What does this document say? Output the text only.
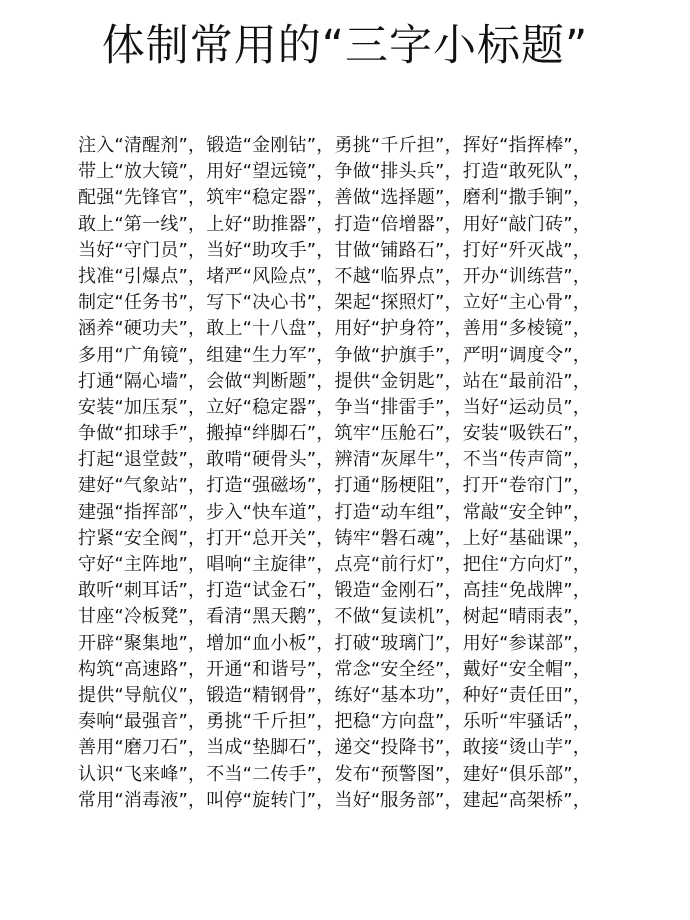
体制常用的“三字小标题”
注入“清醒剂”，锻造“金刚钻”，勇挑“千斤担”，挥好“指挥棒”，
带上“放大镜”，用好“望远镜”，争做“排头兵”，打造“敢死队”，
配强“先锋官”，筑牢“稳定器”，善做“选择题”，磨利“撒手锏”，
敢上“第一线”，上好“助推器”，打造“倍增器”，用好“敲门砖”，
当好“守门员”，当好“助攻手”，甘做“铺路石”，打好“歼灭战”，
找准“引爆点”，堵严“风险点”，不越“临界点”，开办“训练营”，
制定“任务书”，写下“决心书”，架起“探照灯”，立好“主心骨”，
涵养“硬功夫”，敢上“十八盘”，用好“护身符”，善用“多棱镜”，
多用“广角镜”，组建“生力军”，争做“护旗手”，严明“调度令”，
打通“隔心墙”，会做“判断题”，提供“金钥匙”，站在“最前沿”，
安装“加压泵”，立好“稳定器”，争当“排雷手”，当好“运动员”，
争做“扣球手”，搬掉“绊脚石”，筑牢“压舱石”，安装“吸铁石”，
打起“退堂鼓”，敢啃“硬骨头”，辨清“灰犀牛”，不当“传声筒”，
建好“气象站”，打造“强磁场”，打通“肠梗阻”，打开“卷帘门”，
建强“指挥部”，步入“快车道”，打造“动车组”，常敲“安全钟”，
拧紧“安全阀”，打开“总开关”，铸牢“磐石魂”，上好“基础课”，
守好“主阵地”，唱响“主旋律”，点亮“前行灯”，把住“方向灯”，
敢听“刺耳话”，打造“试金石”，锻造“金刚石”，高挂“免战牌”，
甘座“冷板凳”，看清“黑天鹅”，不做“复读机”，树起“晴雨表”，
开辟“聚集地”，增加“血小板”，打破“玻璃门”，用好“参谋部”，
构筑“高速路”，开通“和谐号”，常念“安全经”，戴好“安全帽”，
提供“导航仪”，锻造“精钢骨”，练好“基本功”，种好“责任田”，
奏响“最强音”，勇挑“千斤担”，把稳“方向盘”，乐听“牢骚话”，
善用“磨刀石”，当成“垫脚石”，递交“投降书”，敢接“烫山芋”，
认识“飞来峰”，不当“二传手”，发布“预警图”，建好“俱乐部”，
常用“消毒液”，叫停“旋转门”，当好“服务部”，建起“高架桥”，
